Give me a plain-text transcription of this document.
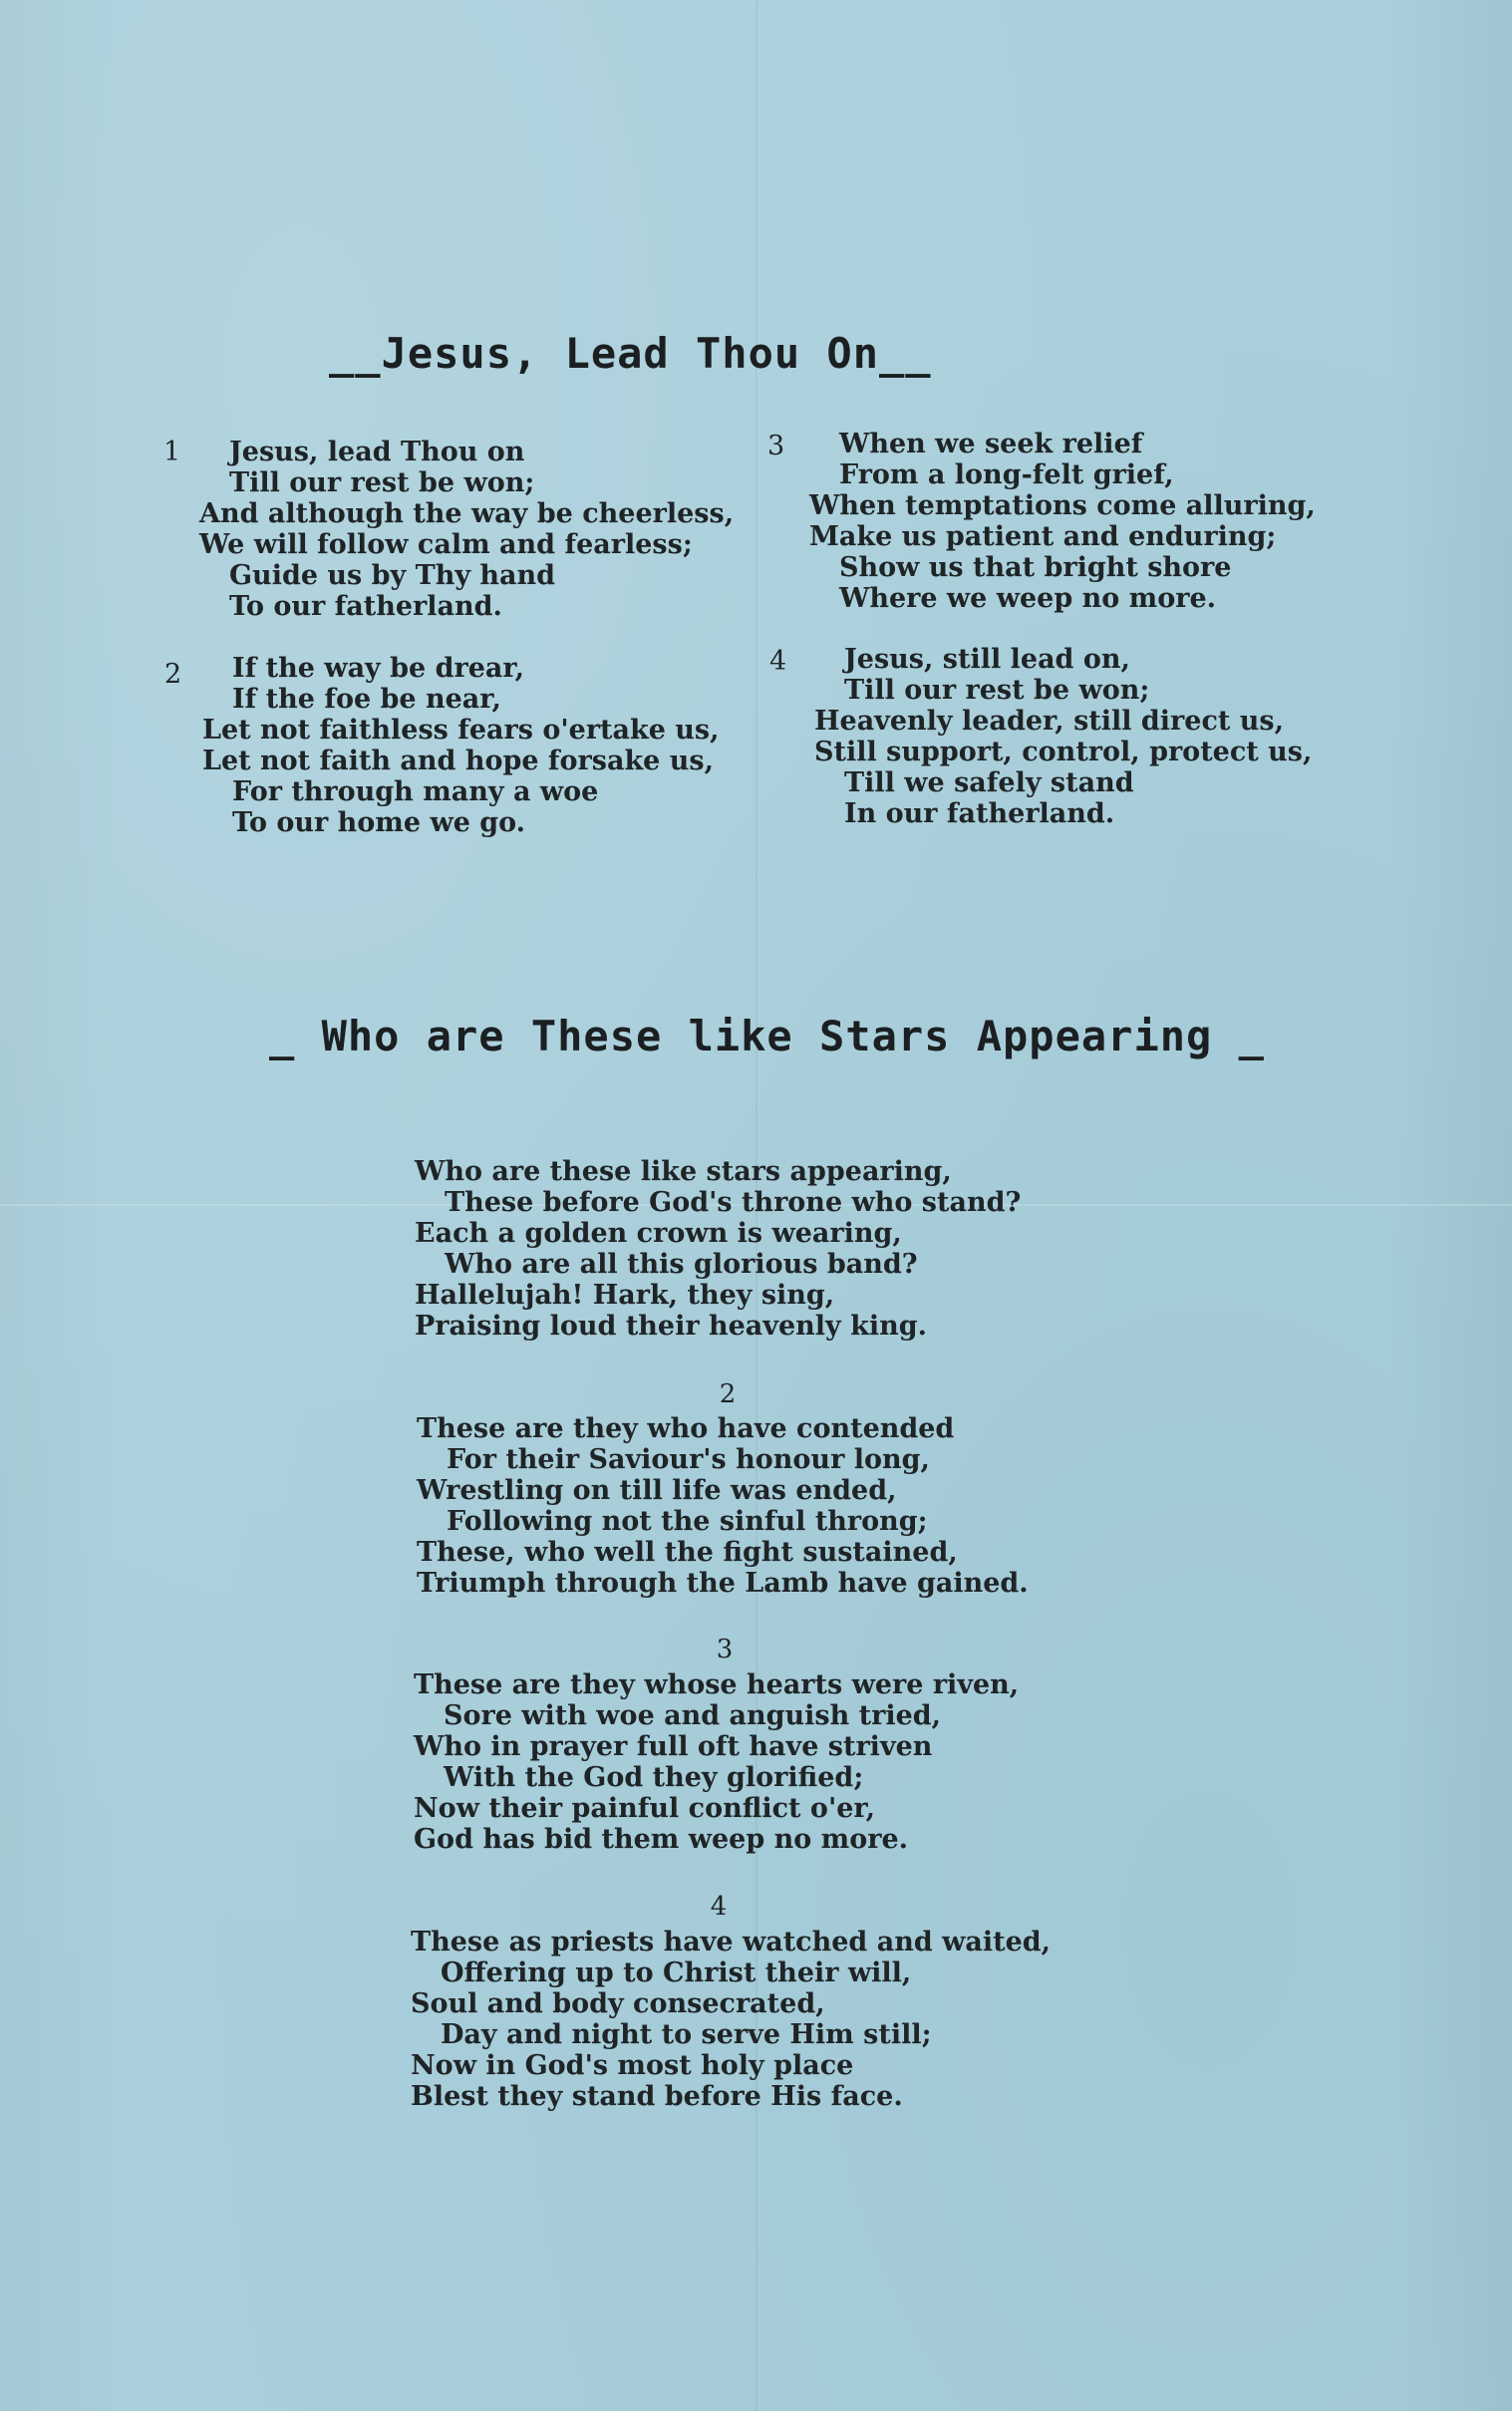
__Jesus, Lead Thou On__
1	Jesus, lead Thou on
Till our rest be won;
And although the way be cheerless,
We will follow calm and fearless;
Guide us by Thy hand
To our fatherland.
2	If the way be drear,
If the foe be near,
Let not faithless fears o'ertake us,
Let not faith and hope forsake us,
For through many a woe
To our home we go.
3	When we seek relief
From a long-felt grief,
When temptations come alluring,
Make us patient and enduring;
Show us that bright shore
Where we weep no more.
4	Jesus, still lead on,
Till our rest be won;
Heavenly leader, still direct us,
Still support, control, protect us,
Till we safely stand
In our fatherland.
_ Who are These like Stars Appearing _
Who are these like stars appearing,
These before God's throne who stand?
Each a golden crown is wearing,
Who are all this glorious band?
Hallelujah! Hark, they sing,
Praising loud their heavenly king.
2
These are they who have contended
For their Saviour's honour long,
Wrestling on till life was ended,
Following not the sinful throng;
These, who well the fight sustained,
Triumph through the Lamb have gained.
3
These are they whose hearts were riven,
Sore with woe and anguish tried,
Who in prayer full oft have striven
With the God they glorified;
Now their painful conflict o'er,
God has bid them weep no more.
4
These as priests have watched and waited,
Offering up to Christ their will,
Soul and body consecrated,
Day and night to serve Him still;
Now in God's most holy place
Blest they stand before His face.
